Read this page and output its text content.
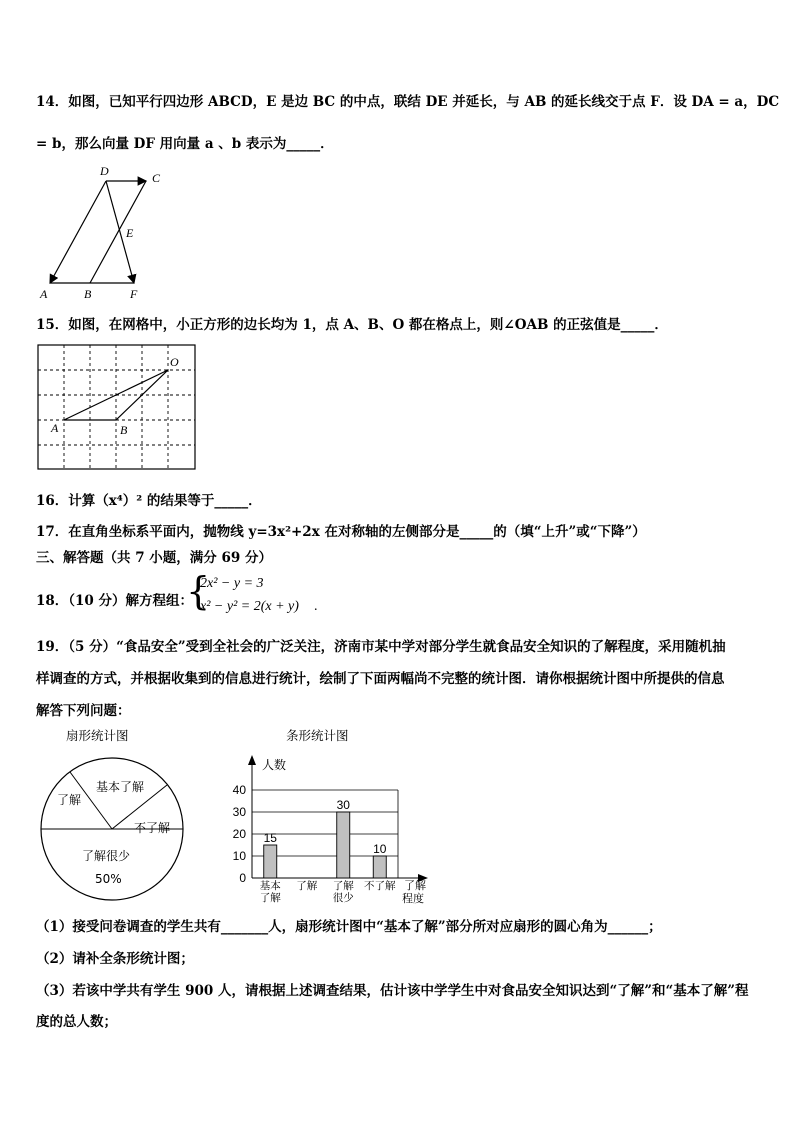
14．如图，已知平行四边形 ABCD，E 是边 BC 的中点，联结 DE 并延长，与 AB 的延长线交于点 F．设 DA = a，DC
= b，那么向量 DF 用向量 a 、b 表示为_____．
D	C
E
A	B	F
15．如图，在网格中，小正方形的边长均为 1，点 A、B、O 都在格点上，则∠OAB 的正弦值是_____．
O
A	B
16．计算（x⁴）² 的结果等于_____．
17．在直角坐标系平面内，抛物线 y=3x²+2x 在对称轴的左侧部分是_____的（填“上升”或“下降”）
三、解答题（共 7 小题，满分 69 分）
18．（10 分）解方程组：
{
2x² − y = 3
x² − y² = 2(x + y) .
19．（5 分）“食品安全”受到全社会的广泛关注，济南市某中学对部分学生就食品安全知识的了解程度，采用随机抽
样调查的方式，并根据收集到的信息进行统计，绘制了下面两幅尚不完整的统计图．请你根据统计图中所提供的信息
解答下列问题：
扇形统计图
基本了解
了解
不了解
了解很少
50%
条形统计图
0
10
20
30
40
人数
了解
程度
15
基本
了解
了解
30
了解
很少
10
不了解
（1）接受问卷调查的学生共有_______人，扇形统计图中“基本了解”部分所对应扇形的圆心角为______；
（2）请补全条形统计图；
（3）若该中学共有学生 900 人，请根据上述调查结果，估计该中学学生中对食品安全知识达到“了解”和“基本了解”程
度的总人数；
